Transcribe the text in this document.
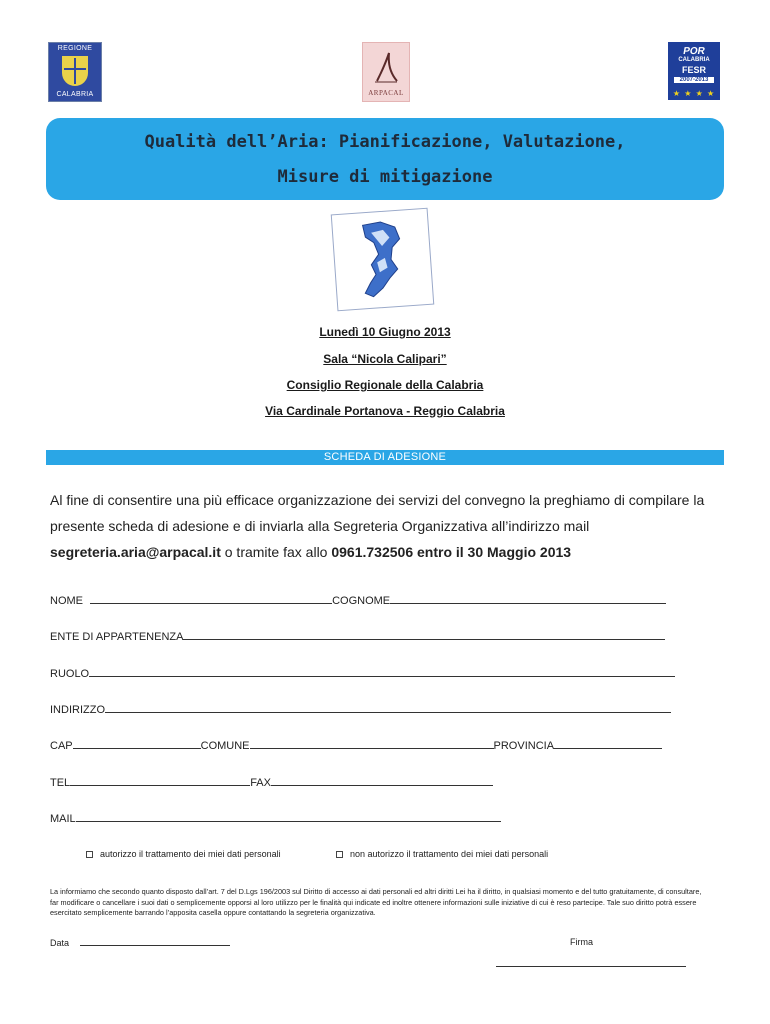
REGIONE
CALABRIA	ARPACAL
POR
CALABRIA
FESR
2007-2013
★ ★ ★ ★
Qualità dell’Aria: Pianificazione, Valutazione,
Misure di mitigazione
Lunedì 10 Giugno 2013
Sala “Nicola Calipari”
Consiglio Regionale della Calabria
Via Cardinale Portanova - Reggio Calabria
SCHEDA DI ADESIONE
Al fine di consentire una più efficace organizzazione dei servizi del convegno la preghiamo di compilare la presente scheda di adesione e di inviarla alla Segreteria Organizzativa all’indirizzo mail segreteria.aria@arpacal.it o tramite fax allo 0961.732506 entro il 30 Maggio 2013
NOME	COGNOME
ENTE DI APPARTENENZA
RUOLO
INDIRIZZO
CAP	COMUNE	PROVINCIA
TEL	FAX
MAIL
autorizzo il trattamento dei miei dati personali	non autorizzo il trattamento dei miei dati personali
La informiamo che secondo quanto disposto dall’art. 7 del D.Lgs 196/2003 sul Diritto di accesso ai dati personali ed altri diritti Lei ha il diritto, in qualsiasi momento e del tutto gratuitamente, di consultare, far modificare o cancellare i suoi dati o semplicemente opporsi al loro utilizzo per le finalità qui indicate ed inoltre ottenere informazioni sulle iniziative di cui è reso partecipe. Tale suo diritto potrà essere esercitato semplicemente barrando l’apposita casella oppure contattando la segreteria organizzativa.
Data	Firma
